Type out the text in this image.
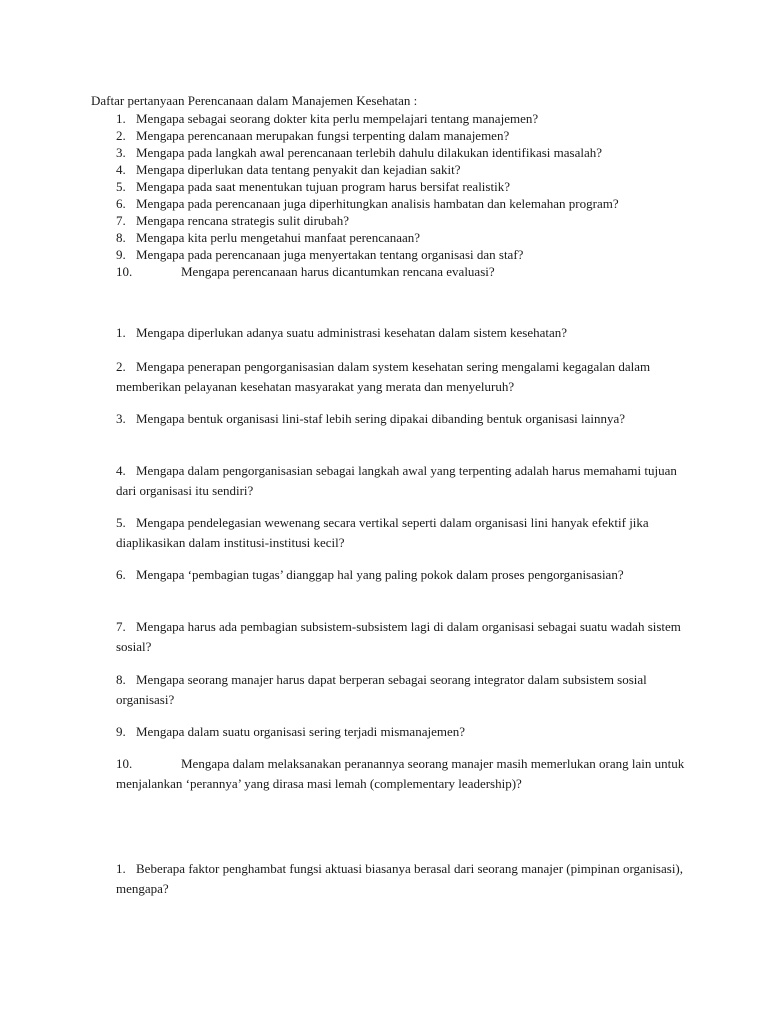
Daftar pertanyaan Perencanaan dalam Manajemen Kesehatan :
1. Mengapa sebagai seorang dokter kita perlu mempelajari tentang manajemen?
2. Mengapa perencanaan merupakan fungsi terpenting dalam manajemen?
3. Mengapa pada langkah awal perencanaan terlebih dahulu dilakukan identifikasi masalah?
4. Mengapa diperlukan data tentang penyakit dan kejadian sakit?
5. Mengapa pada saat menentukan tujuan program harus bersifat realistik?
6. Mengapa pada perencanaan juga diperhitungkan analisis hambatan dan kelemahan program?
7. Mengapa rencana strategis sulit dirubah?
8. Mengapa kita perlu mengetahui manfaat perencanaan?
9. Mengapa pada perencanaan juga menyertakan tentang organisasi dan staf?
10.	Mengapa perencanaan harus dicantumkan rencana evaluasi?
1. Mengapa diperlukan adanya suatu administrasi kesehatan dalam sistem kesehatan?
2. Mengapa penerapan pengorganisasian dalam system kesehatan sering mengalami kegagalan dalam memberikan pelayanan kesehatan masyarakat yang merata dan menyeluruh?
3. Mengapa bentuk organisasi lini-staf lebih sering dipakai dibanding bentuk organisasi lainnya?
4. Mengapa dalam pengorganisasian sebagai langkah awal yang terpenting adalah harus memahami tujuan dari organisasi itu sendiri?
5. Mengapa pendelegasian wewenang secara vertikal seperti dalam organisasi lini hanyak efektif jika diaplikasikan dalam institusi-institusi kecil?
6. Mengapa ‘pembagian tugas’ dianggap hal yang paling pokok dalam proses pengorganisasian?
7. Mengapa harus ada pembagian subsistem-subsistem lagi di dalam organisasi sebagai suatu wadah sistem sosial?
8. Mengapa seorang manajer harus dapat berperan sebagai seorang integrator dalam subsistem sosial organisasi?
9. Mengapa dalam suatu organisasi sering terjadi mismanajemen?
10.	Mengapa dalam melaksanakan peranannya seorang manajer masih memerlukan orang lain untuk menjalankan ‘perannya’ yang dirasa masi lemah (complementary leadership)?
1. Beberapa faktor penghambat fungsi aktuasi biasanya berasal dari seorang manajer (pimpinan organisasi), mengapa?
